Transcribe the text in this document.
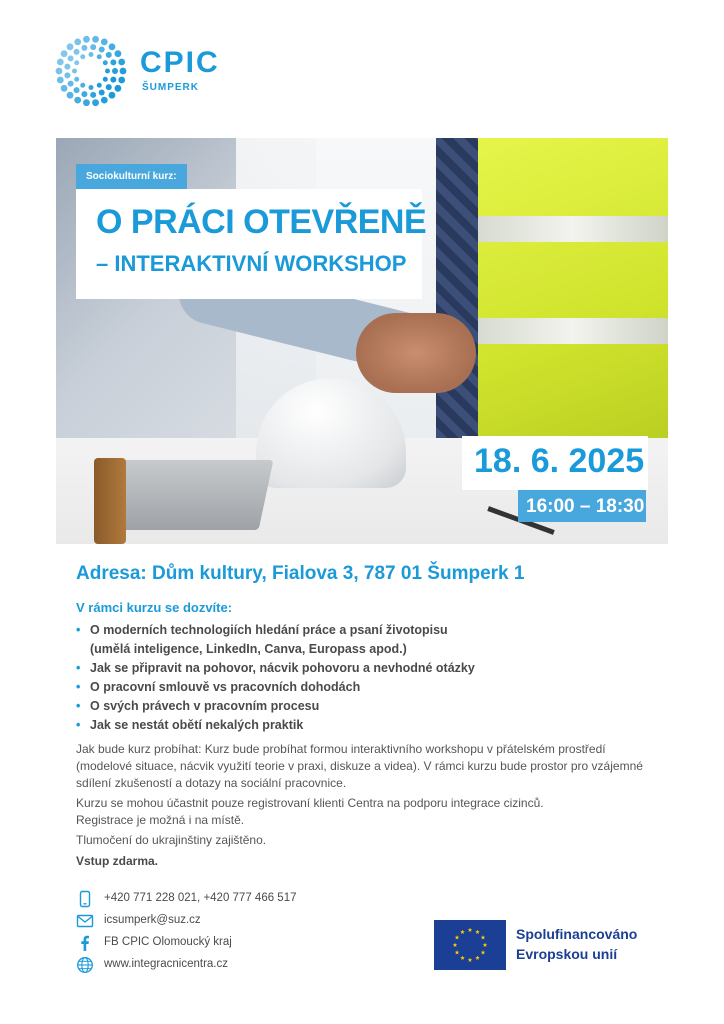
CPIC
ŠUMPERK
Sociokulturní kurz:
O PRÁCI OTEVŘENĚ
– INTERAKTIVNÍ WORKSHOP
18. 6. 2025
16:00 – 18:30
Adresa: Dům kultury, Fialova 3, 787 01 Šumperk 1
V rámci kurzu se dozvíte:
• O moderních technologiích hledání práce a psaní životopisu
(umělá inteligence, LinkedIn, Canva, Europass apod.)
• Jak se připravit na pohovor, nácvik pohovoru a nevhodné otázky
• O pracovní smlouvě vs pracovních dohodách
• O svých právech v pracovním procesu
• Jak se nestát obětí nekalých praktik

Jak bude kurz probíhat: Kurz bude probíhat formou interaktivního workshopu v přátelském prostředí (modelové situace, nácvik využití teorie v praxi, diskuze a videa). V rámci kurzu bude prostor pro vzájemné sdílení zkušeností a dotazy na sociální pracovnice.

Kurzu se mohou účastnit pouze registrovaní klienti Centra na podporu integrace cizinců.
Registrace je možná i na místě.

Tlumočení do ukrajinštiny zajištěno.

Vstup zdarma.

+420 771 228 021, +420 777 466 517
icsumperk@suz.cz
FB CPIC Olomoucký kraj
www.integracnicentra.cz
Spolufinancováno
Evropskou unií
